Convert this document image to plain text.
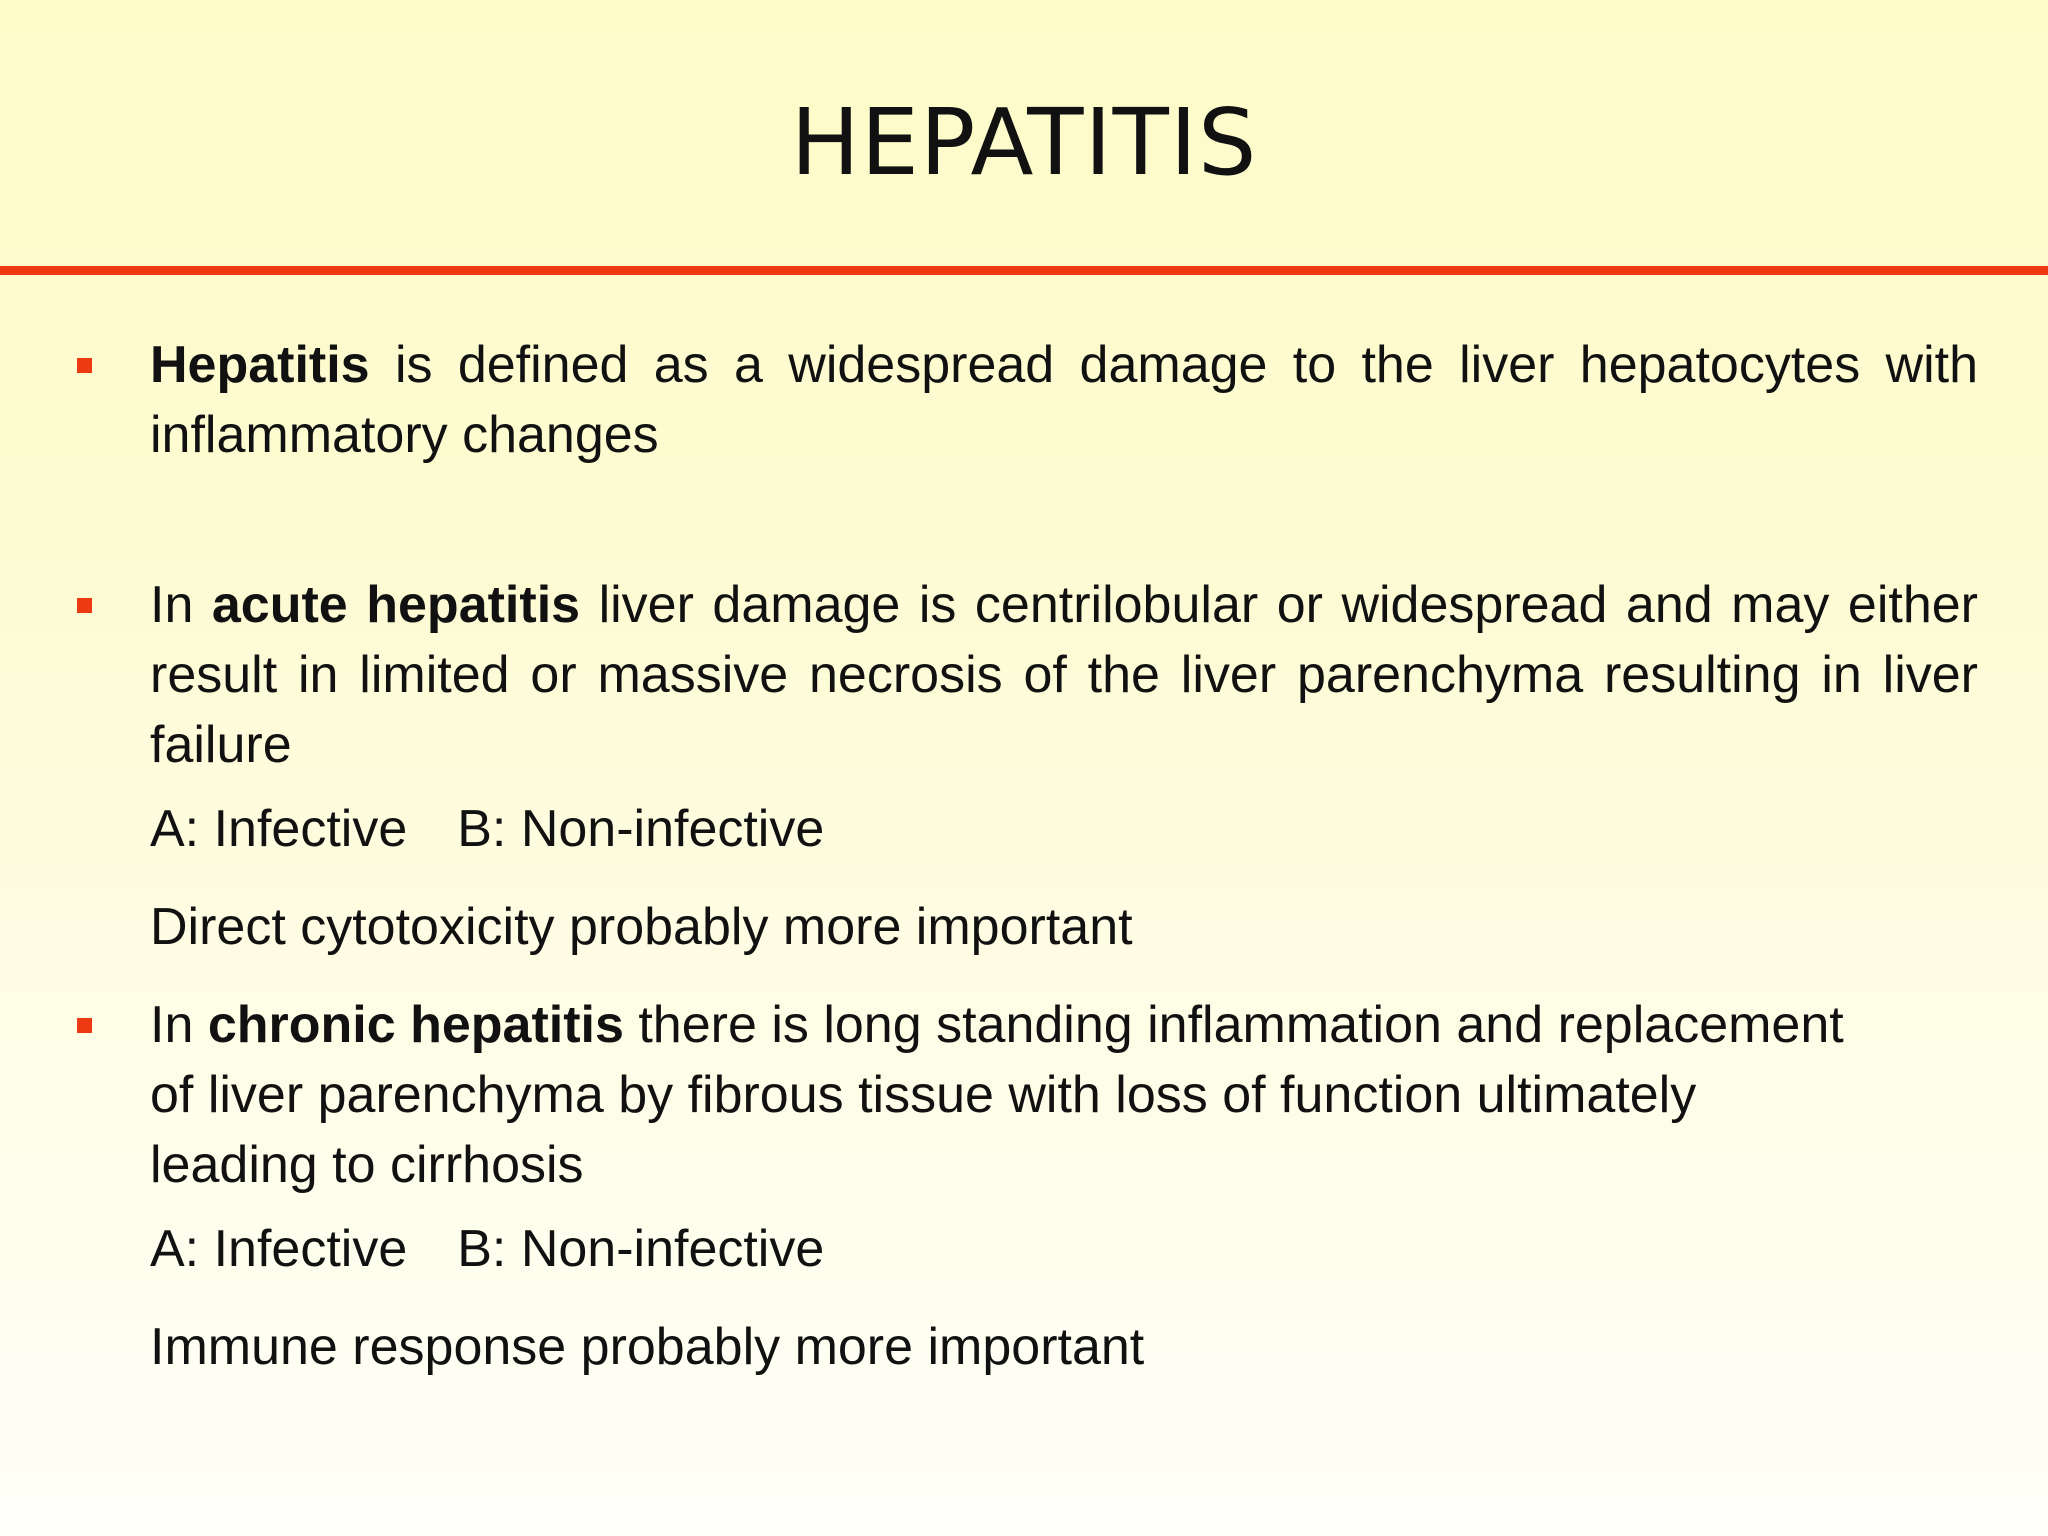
HEPATITIS
Hepatitis is defined as a widespread damage to the liver hepatocytes with inflammatory changes
In acute hepatitis liver damage is centrilobular or widespread and may either result in limited or massive necrosis of the liver parenchyma resulting in liver failure
A: Infective B: Non-infective
Direct cytotoxicity probably more important
In chronic hepatitis there is long standing inflammation and replacement of liver parenchyma by fibrous tissue with loss of function ultimately leading to cirrhosis
A: Infective B: Non-infective
Immune response probably more important
